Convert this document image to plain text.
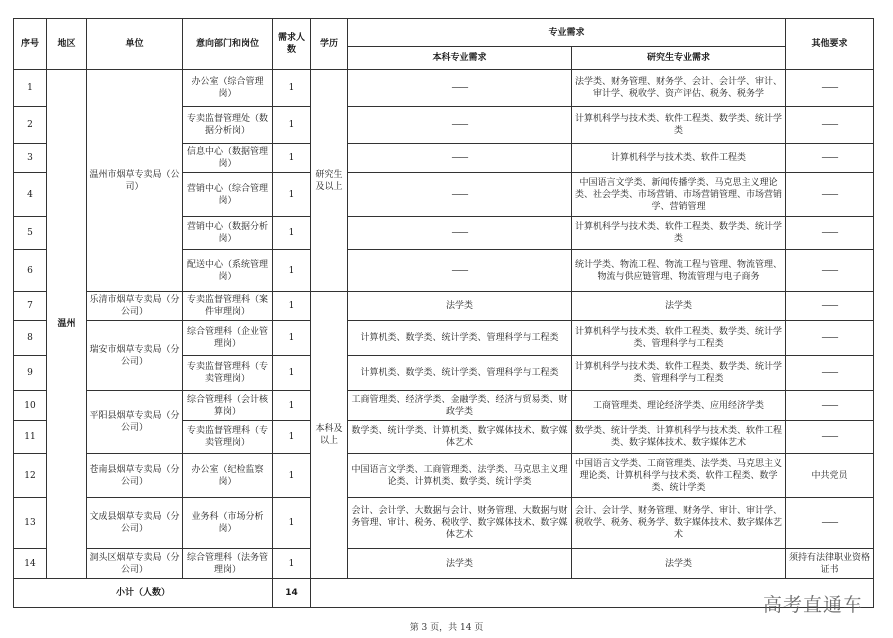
序号	地区	单位	意向部门和岗位	需求人数	学历	专业需求		其他要求
						本科专业需求	研究生专业需求	
1	温州	温州市烟草专卖局（公司）	办公室（综合管理岗）	1	研究生及以上	——	法学类、财务管理、财务学、会计、会计学、审计、审计学、税收学、资产评估、税务、税务学	——
2			专卖监督管理处（数据分析岗）	1		——	计算机科学与技术类、软件工程类、数学类、统计学类	——
3			信息中心（数据管理岗）	1		——	计算机科学与技术类、软件工程类	——
4			营销中心（综合管理岗）	1		——	中国语言文学类、新闻传播学类、马克思主义理论类、社会学类、市场营销、市场营销管理、市场营销学、营销管理	——
5			营销中心（数据分析岗）	1		——	计算机科学与技术类、软件工程类、数学类、统计学类	——
6			配送中心（系统管理岗）	1		——	统计学类、物流工程、物流工程与管理、物流管理、物流与供应链管理、物流管理与电子商务	——
7		乐清市烟草专卖局（分公司）	专卖监督管理科（案件审理岗）	1	本科及以上	法学类	法学类	——
8		瑞安市烟草专卖局（分公司）	综合管理科（企业管理岗）	1		计算机类、数学类、统计学类、管理科学与工程类	计算机科学与技术类、软件工程类、数学类、统计学类、管理科学与工程类	——
9			专卖监督管理科（专卖管理岗）	1		计算机类、数学类、统计学类、管理科学与工程类	计算机科学与技术类、软件工程类、数学类、统计学类、管理科学与工程类	——
10		平阳县烟草专卖局（分公司）	综合管理科（会计核算岗）	1		工商管理类、经济学类、金融学类、经济与贸易类、财政学类	工商管理类、理论经济学类、应用经济学类	——
11			专卖监督管理科（专卖管理岗）	1		数学类、统计学类、计算机类、数字媒体技术、数字媒体艺术	数学类、统计学类、计算机科学与技术类、软件工程类、数字媒体技术、数字媒体艺术	——
12		苍南县烟草专卖局（分公司）	办公室（纪检监察岗）	1		中国语言文学类、工商管理类、法学类、马克思主义理论类、计算机类、数学类、统计学类	中国语言文学类、工商管理类、法学类、马克思主义理论类、计算机科学与技术类、软件工程类、数学类、统计学类	中共党员
13		文成县烟草专卖局（分公司）	业务科（市场分析岗）	1		会计、会计学、大数据与会计、财务管理、大数据与财务管理、审计、税务、税收学、数字媒体技术、数字媒体艺术	会计、会计学、财务管理、财务学、审计、审计学、税收学、税务、税务学、数字媒体技术、数字媒体艺术	——
14		洞头区烟草专卖局（分公司）	综合管理科（法务管理岗）	1		法学类	法学类	须持有法律职业资格证书
小计（人数）				14				
高考直通车
第 3 页，共 14 页
